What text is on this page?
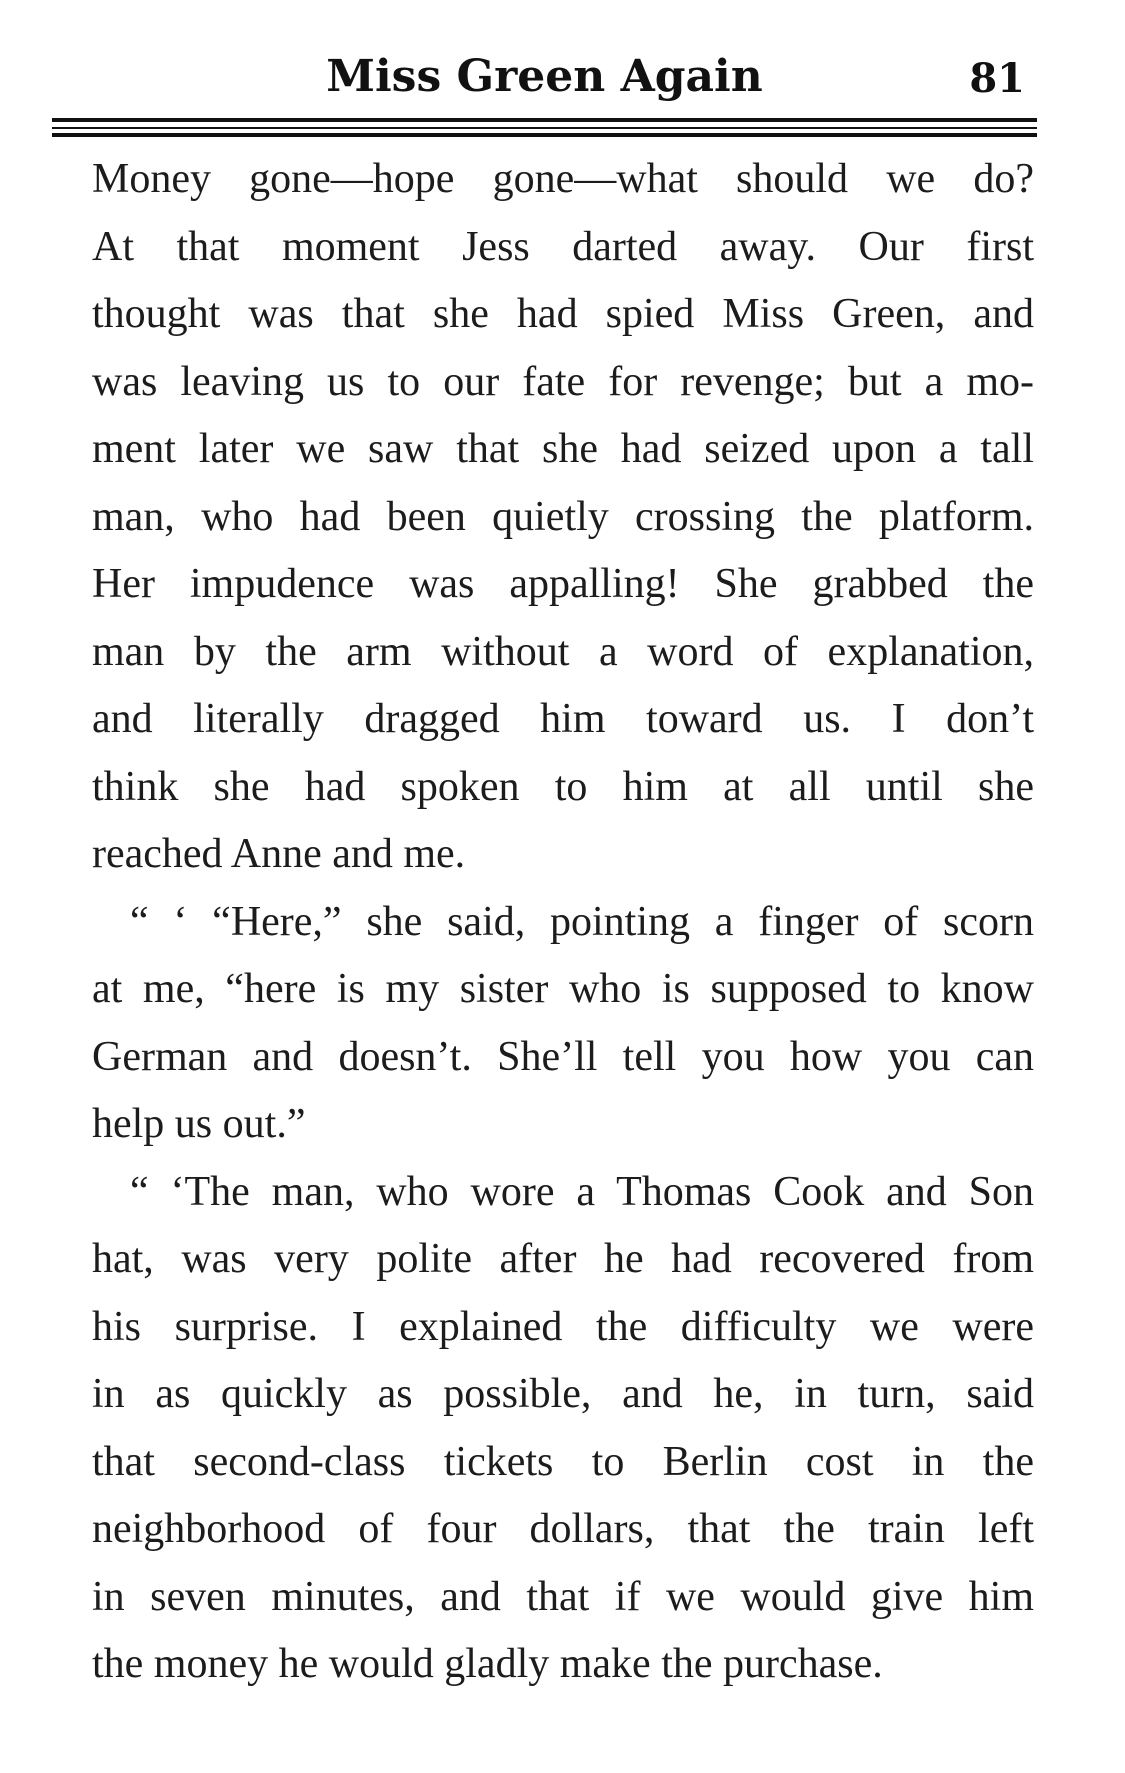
Miss Green Again	81
Money gone—hope gone—what should we do?
At that moment Jess darted away. Our first
thought was that she had spied Miss Green, and
was leaving us to our fate for revenge; but a mo-
ment later we saw that she had seized upon a tall
man, who had been quietly crossing the platform.
Her impudence was appalling! She grabbed the
man by the arm without a word of explanation,
and literally dragged him toward us. I don’t
think she had spoken to him at all until she
reached Anne and me.
“ ‘ “Here,” she said, pointing a finger of scorn
at me, “here is my sister who is supposed to know
German and doesn’t. She’ll tell you how you can
help us out.”
“ ‘The man, who wore a Thomas Cook and Son
hat, was very polite after he had recovered from
his surprise. I explained the difficulty we were
in as quickly as possible, and he, in turn, said
that second-class tickets to Berlin cost in the
neighborhood of four dollars, that the train left
in seven minutes, and that if we would give him
the money he would gladly make the purchase.
